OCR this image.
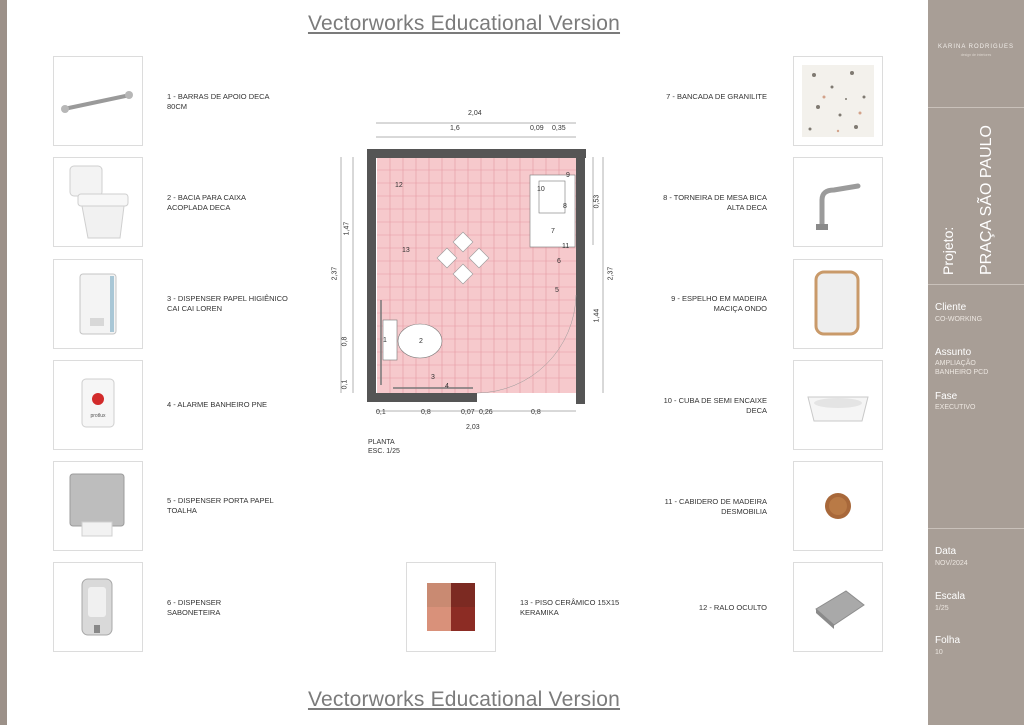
Vectorworks Educational Version
Vectorworks Educational Version
1 - BARRAS DE APOIO DECA 80CM
2 - BACIA PARA CAIXA ACOPLADA DECA
3 - DISPENSER PAPEL HIGIÊNICO CAI CAI LOREN
protlux
4 - ALARME BANHEIRO PNE
5 - DISPENSER PORTA PAPEL TOALHA
6 - DISPENSER SABONETEIRA
7 - BANCADA DE GRANILITE
8 - TORNEIRA DE MESA BICA ALTA DECA
9 - ESPELHO EM MADEIRA MACIÇA ONDO
10 - CUBA DE SEMI ENCAIXE DECA
11 - CABIDERO DE MADEIRA DESMOBILIA
12 - RALO OCULTO
13 - PISO CERÂMICO 15X15 KERAMIKA
2,04
1,6	0,09 0,35
0,1	0,8	0,07 0,26	0,8
2,03
2,37
1,47
0,8
0,1
0,53
2,37
1,44
1	2
3
4
5
6
7
8
9
10
11
12
13
PLANTA
ESC. 1/25
KARINA RODRIGUES
design de interiores
Projeto: PRAÇA SÃO PAULO
Cliente
CO-WORKING
Assunto
AMPLIAÇÃO
BANHEIRO PCD
Fase
EXECUTIVO
Data
NOV/2024
Escala
1/25
Folha
10
